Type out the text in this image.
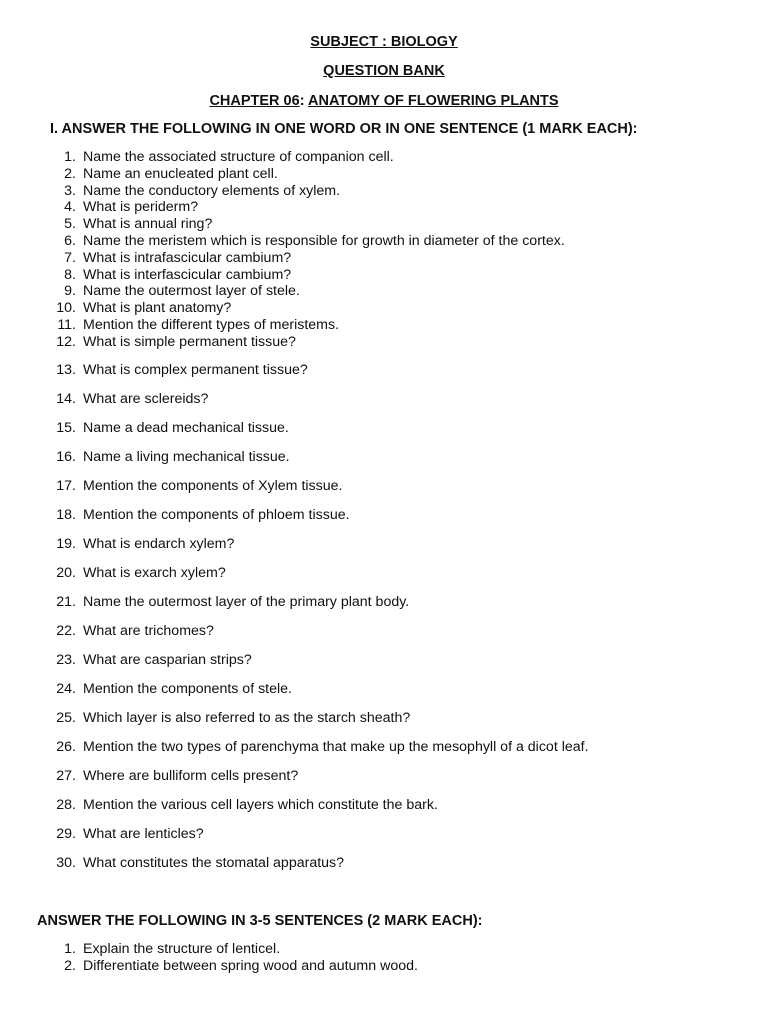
SUBJECT : BIOLOGY
QUESTION BANK
CHAPTER 06: ANATOMY OF FLOWERING PLANTS
I. ANSWER THE FOLLOWING IN ONE WORD OR IN ONE SENTENCE (1 MARK EACH):
1. Name the associated structure of companion cell.
2. Name an enucleated plant cell.
3. Name the conductory elements of xylem.
4. What is periderm?
5. What is annual ring?
6. Name the meristem which is responsible for growth in diameter of the cortex.
7. What is intrafascicular cambium?
8. What is interfascicular cambium?
9. Name the outermost layer of stele.
10. What is plant anatomy?
11. Mention the different types of meristems.
12. What is simple permanent tissue?
13. What is complex permanent tissue?
14. What are sclereids?
15. Name a dead mechanical tissue.
16. Name a living mechanical tissue.
17. Mention the components of Xylem tissue.
18. Mention the components of phloem tissue.
19. What is endarch xylem?
20. What is exarch xylem?
21. Name the outermost layer of the primary plant body.
22. What are trichomes?
23. What are casparian strips?
24. Mention the components of stele.
25. Which layer is also referred to as the starch sheath?
26. Mention the two types of parenchyma that make up the mesophyll of a dicot leaf.
27. Where are bulliform cells present?
28. Mention the various cell layers which constitute the bark.
29. What are lenticles?
30. What constitutes the stomatal apparatus?
ANSWER THE FOLLOWING IN 3-5 SENTENCES (2 MARK EACH):
1. Explain the structure of lenticel.
2. Differentiate between spring wood and autumn wood.
